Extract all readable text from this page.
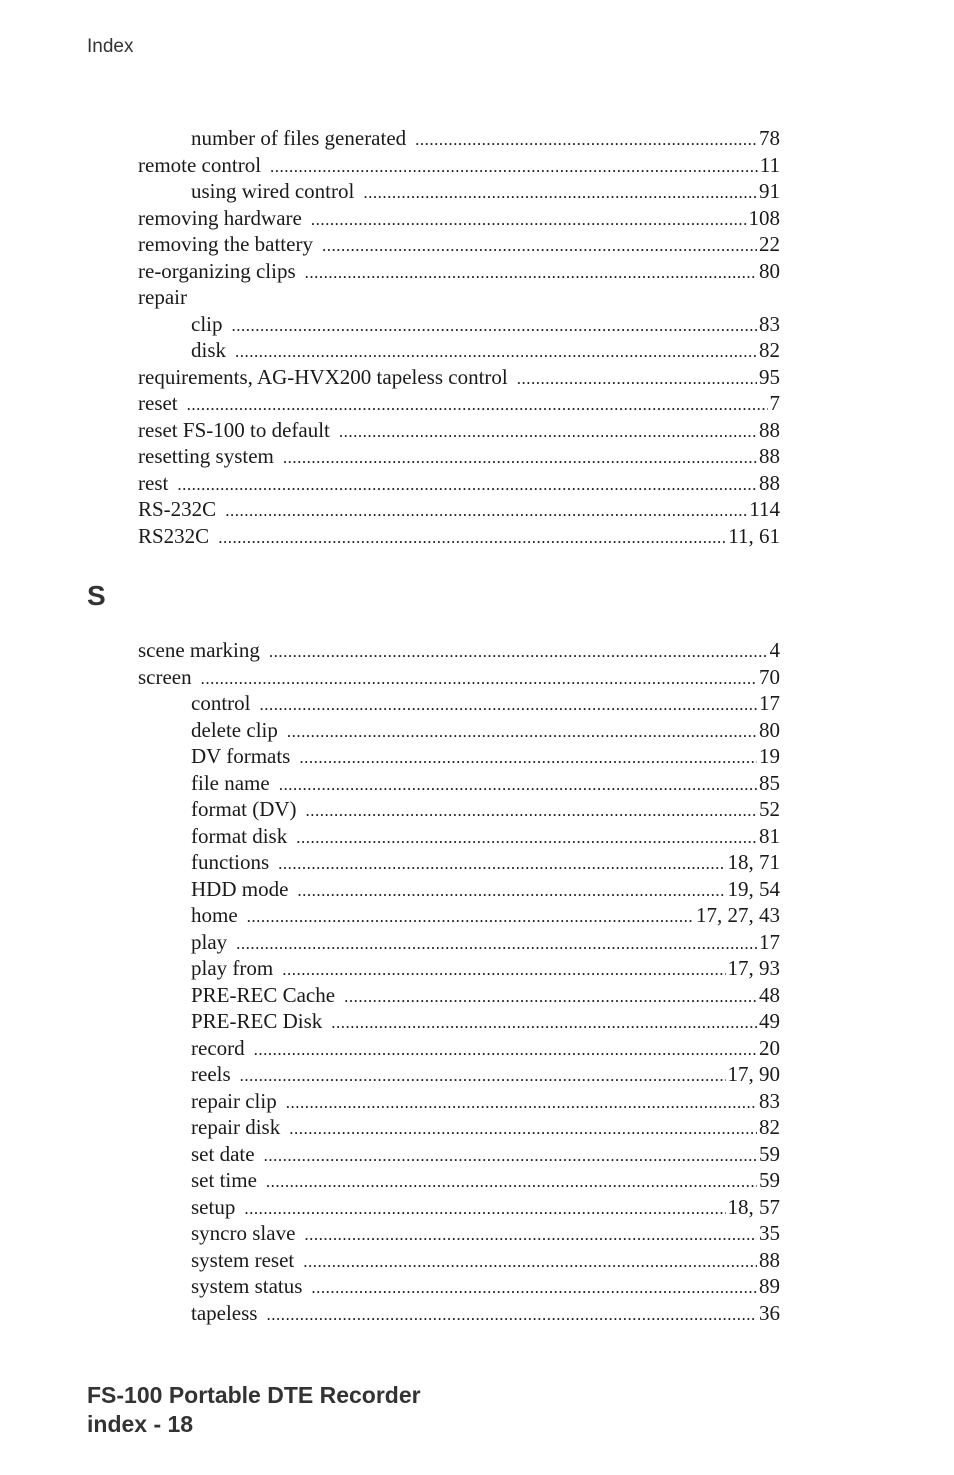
Index
number of files generated .....	78
remote control .....	11
using wired control .....	91
removing hardware .....	108
removing the battery .....	22
re-organizing clips .....	80
repair
clip .....	83
disk .....	82
requirements, AG-HVX200 tapeless control .....	95
reset .....	7
reset FS-100 to default .....	88
resetting system .....	88
rest .....	88
RS-232C .....	114
RS232C .....	11, 61
S
scene marking .....	4
screen .....	70
control .....	17
delete clip .....	80
DV formats .....	19
file name .....	85
format (DV) .....	52
format disk .....	81
functions .....	18, 71
HDD mode .....	19, 54
home .....	17, 27, 43
play .....	17
play from .....	17, 93
PRE-REC Cache .....	48
PRE-REC Disk .....	49
record .....	20
reels .....	17, 90
repair clip .....	83
repair disk .....	82
set date .....	59
set time .....	59
setup .....	18, 57
syncro slave .....	35
system reset .....	88
system status .....	89
tapeless .....	36
FS-100 Portable DTE Recorder
index - 18
